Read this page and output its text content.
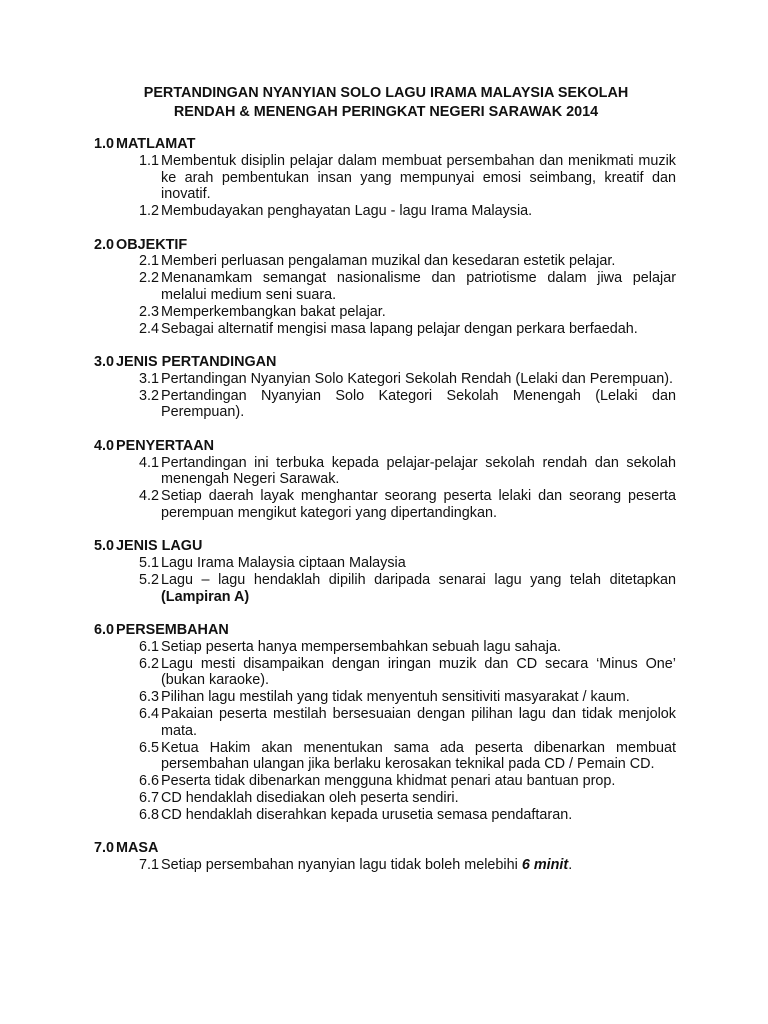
PERTANDINGAN NYANYIAN SOLO LAGU IRAMA MALAYSIA SEKOLAH
RENDAH & MENENGAH PERINGKAT NEGERI SARAWAK 2014
1.0 MATLAMAT
1.1 Membentuk disiplin pelajar dalam membuat persembahan dan menikmati muzik ke arah pembentukan insan yang mempunyai emosi seimbang, kreatif dan inovatif.
1.2 Membudayakan penghayatan Lagu - lagu Irama Malaysia.
2.0 OBJEKTIF
2.1 Memberi perluasan pengalaman muzikal dan kesedaran estetik pelajar.
2.2 Menanamkam semangat nasionalisme dan patriotisme dalam jiwa pelajar melalui medium seni suara.
2.3 Memperkembangkan bakat pelajar.
2.4 Sebagai alternatif mengisi masa lapang pelajar dengan perkara berfaedah.
3.0 JENIS PERTANDINGAN
3.1 Pertandingan Nyanyian Solo Kategori Sekolah Rendah (Lelaki dan Perempuan).
3.2 Pertandingan Nyanyian Solo Kategori Sekolah Menengah (Lelaki dan Perempuan).
4.0 PENYERTAAN
4.1 Pertandingan ini terbuka kepada pelajar-pelajar sekolah rendah dan sekolah menengah Negeri Sarawak.
4.2 Setiap daerah layak menghantar seorang peserta lelaki dan seorang peserta perempuan mengikut kategori yang dipertandingkan.
5.0 JENIS LAGU
5.1 Lagu Irama Malaysia ciptaan Malaysia
5.2 Lagu – lagu hendaklah dipilih daripada senarai lagu yang telah ditetapkan (Lampiran A)
6.0 PERSEMBAHAN
6.1 Setiap peserta hanya mempersembahkan sebuah lagu sahaja.
6.2 Lagu mesti disampaikan dengan iringan muzik dan CD secara ‘Minus One’ (bukan karaoke).
6.3 Pilihan lagu mestilah yang tidak menyentuh sensitiviti masyarakat / kaum.
6.4 Pakaian peserta mestilah bersesuaian dengan pilihan lagu dan tidak menjolok mata.
6.5 Ketua Hakim akan menentukan sama ada peserta dibenarkan membuat persembahan ulangan jika berlaku kerosakan teknikal pada CD / Pemain CD.
6.6 Peserta tidak dibenarkan mengguna khidmat penari atau bantuan prop.
6.7 CD hendaklah disediakan oleh peserta sendiri.
6.8 CD hendaklah diserahkan kepada urusetia semasa pendaftaran.
7.0 MASA
7.1 Setiap persembahan nyanyian lagu tidak boleh melebihi 6 minit.
